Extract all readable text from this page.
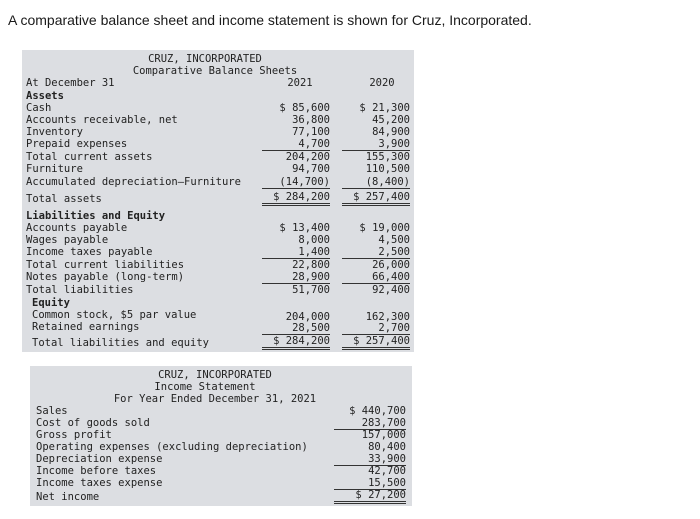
A comparative balance sheet and income statement is shown for Cruz, Incorporated.
CRUZ, INCORPORATED
Comparative Balance Sheets
At December 31	2021	2020
Assets
Cash	$ 85,600	$ 21,300
Accounts receivable, net	36,800	45,200
Inventory	77,100	84,900
Prepaid expenses	4,700	3,900
Total current assets	204,200	155,300
Furniture	94,700	110,500
Accumulated depreciation–Furniture	(14,700)	(8,400)
Total assets	$ 284,200	$ 257,400
Liabilities and Equity
Accounts payable	$ 13,400	$ 19,000
Wages payable	8,000	4,500
Income taxes payable	1,400	2,500
Total current liabilities	22,800	26,000
Notes payable (long-term)	28,900	66,400
Total liabilities	51,700	92,400
Equity
Common stock, $5 par value	204,000	162,300
Retained earnings	28,500	2,700
Total liabilities and equity	$ 284,200	$ 257,400
CRUZ, INCORPORATED
Income Statement
For Year Ended December 31, 2021
Sales	$ 440,700
Cost of goods sold	283,700
Gross profit	157,000
Operating expenses (excluding depreciation)	80,400
Depreciation expense	33,900
Income before taxes	42,700
Income taxes expense	15,500
Net income	$ 27,200
